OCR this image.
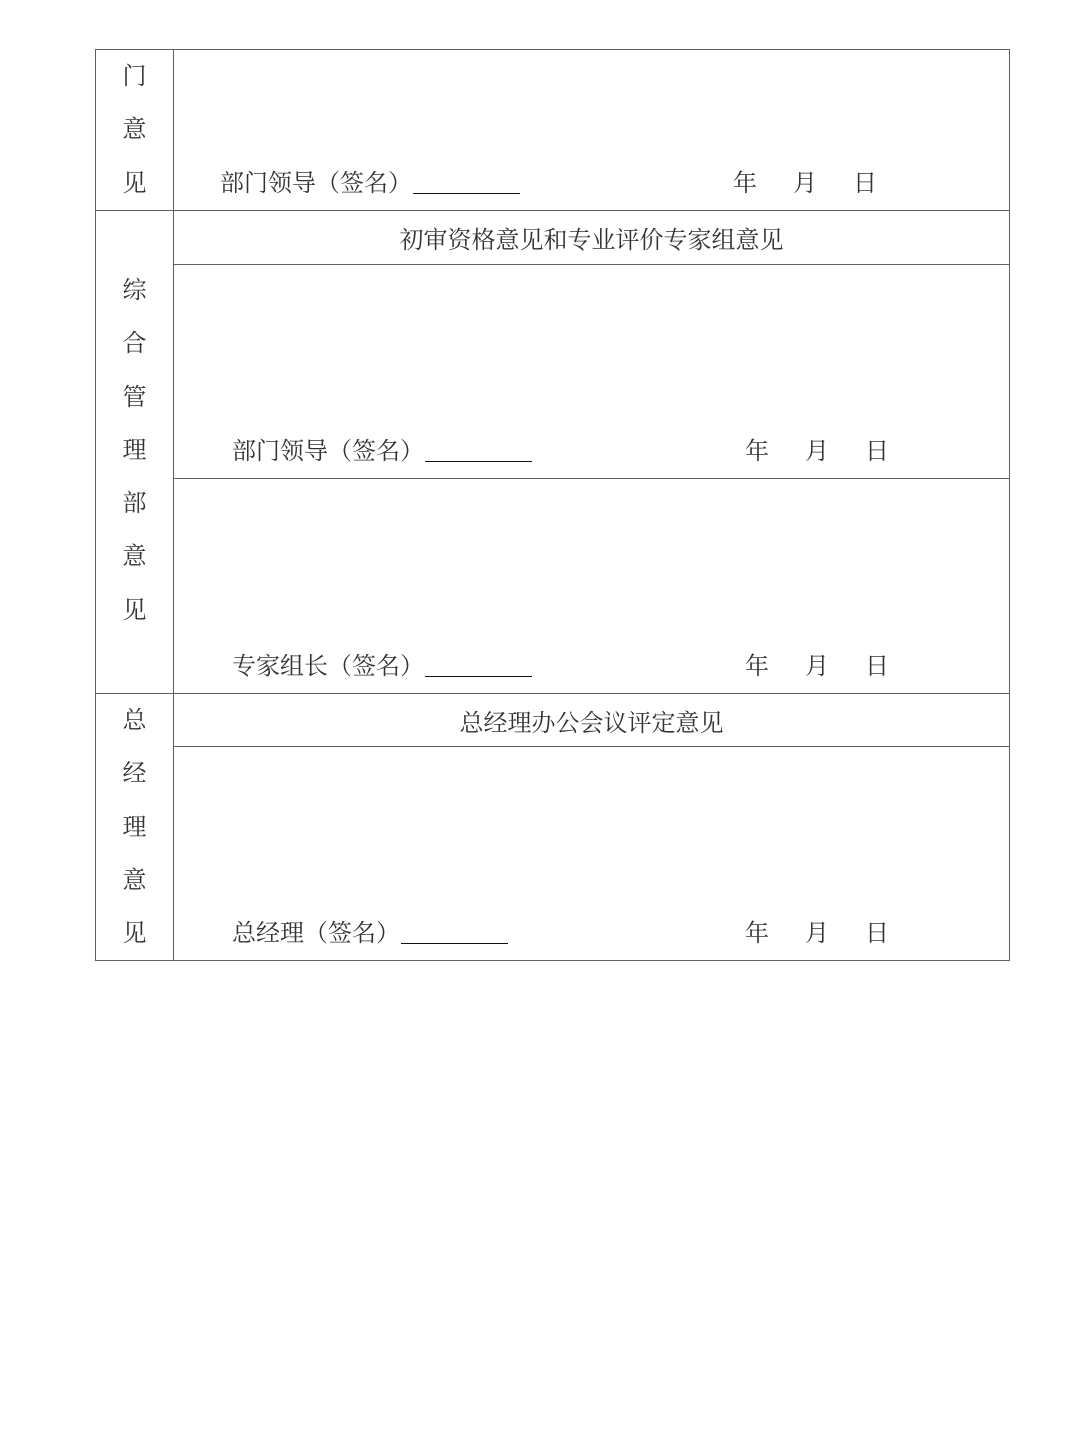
门
意
见	部门领导（签名）	年 月 日
综
合
管
理
部
意
见
初审资格意见和专业评价专家组意见
部门领导（签名）	年 月 日
专家组长（签名）	年 月 日
总
经
理
意
见
总经理办公会议评定意见
总经理（签名）	年 月 日
